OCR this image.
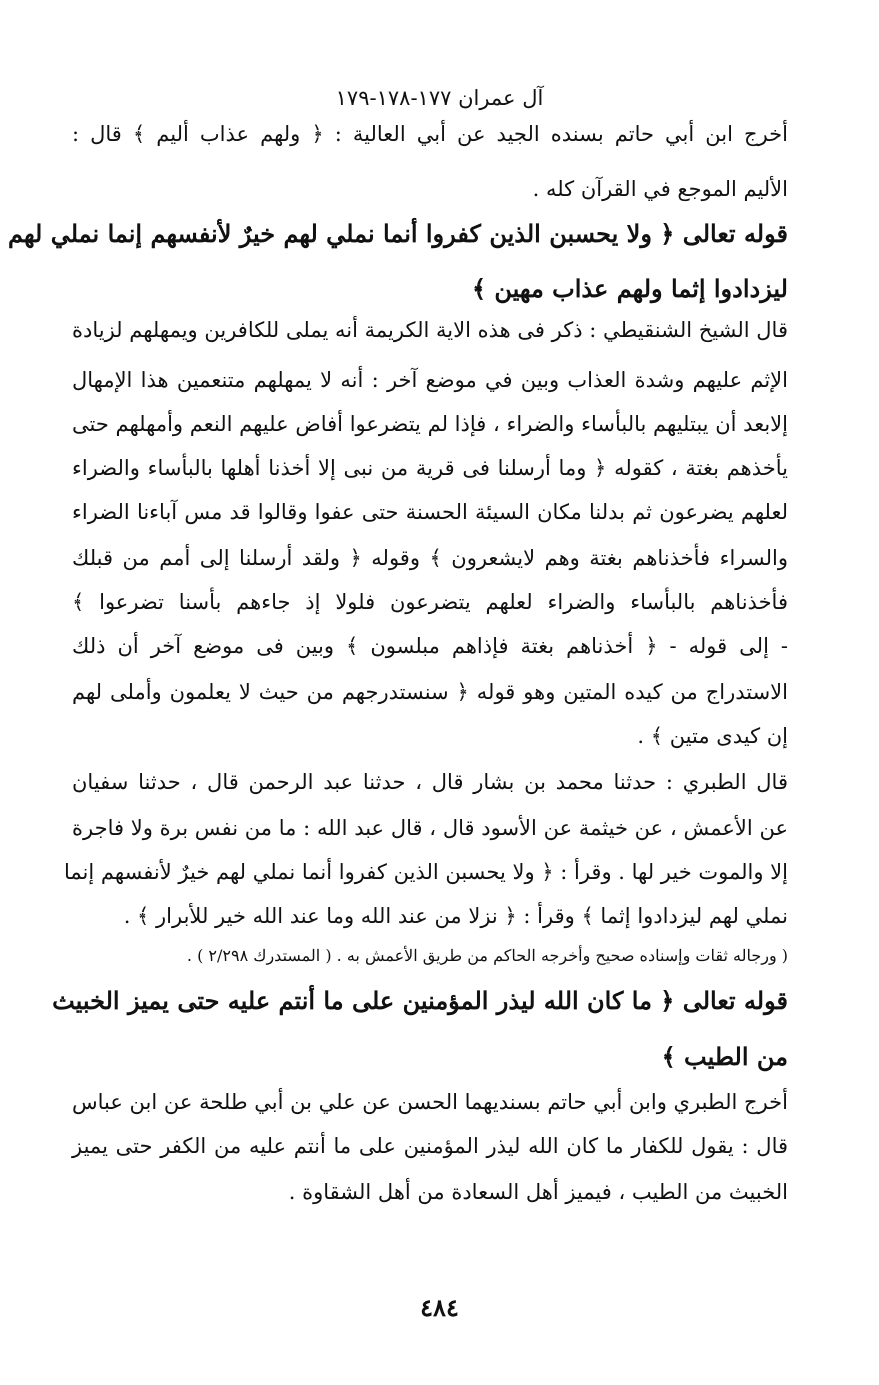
آل عمران ١٧٧-١٧٨-١٧٩
أخرج ابن أبي حاتم بسنده الجيد عن أبي العالية : ﴿ ولهم عذاب أليم ﴾ قال :
الأليم الموجع في القرآن كله .
قوله تعالى ﴿ ولا يحسبن الذين كفروا أنما نملي لهم خيرٌ لأنفسهم إنما نملي لهم
ليزدادوا إثما ولهم عذاب مهين ﴾
قال الشيخ الشنقيطي : ذكر فى هذه الاية الكريمة أنه يملى للكافرين ويمهلهم لزيادة
الإثم عليهم وشدة العذاب وبين في موضع آخر : أنه لا يمهلهم متنعمين هذا الإمهال
إلابعد أن يبتليهم بالبأساء والضراء ، فإذا لم يتضرعوا أفاض عليهم النعم وأمهلهم حتى
يأخذهم بغتة ، كقوله ﴿ وما أرسلنا فى قرية من نبى إلا أخذنا أهلها بالبأساء والضراء
لعلهم يضرعون ثم بدلنا مكان السيئة الحسنة حتى عفوا وقالوا قد مس آباءنا الضراء
والسراء فأخذناهم بغتة وهم لايشعرون ﴾ وقوله ﴿ ولقد أرسلنا إلى أمم من قبلك
فأخذناهم بالبأساء والضراء لعلهم يتضرعون فلولا إذ جاءهم بأسنا تضرعوا ﴾
- إلى قوله - ﴿ أخذناهم بغتة فإذاهم مبلسون ﴾ وبين فى موضع آخر أن ذلك
الاستدراج من كيده المتين وهو قوله ﴿ سنستدرجهم من حيث لا يعلمون وأملى لهم
إن كيدى متين ﴾ .
قال الطبري : حدثنا محمد بن بشار قال ، حدثنا عبد الرحمن قال ، حدثنا سفيان
عن الأعمش ، عن خيثمة عن الأسود قال ، قال عبد الله : ما من نفس برة ولا فاجرة
إلا والموت خير لها . وقرأ : ﴿ ولا يحسبن الذين كفروا أنما نملي لهم خيرٌ لأنفسهم إنما
نملي لهم ليزدادوا إثما ﴾ وقرأ : ﴿ نزلا من عند الله وما عند الله خير للأبرار ﴾ .
( ورجاله ثقات وإسناده صحيح وأخرجه الحاكم من طريق الأعمش به . ( المستدرك ٢/٢٩٨ ) .
قوله تعالى ﴿ ما كان الله ليذر المؤمنين على ما أنتم عليه حتى يميز الخبيث
من الطيب ﴾
أخرج الطبري وابن أبي حاتم بسنديهما الحسن عن علي بن أبي طلحة عن ابن عباس
قال : يقول للكفار ما كان الله ليذر المؤمنين على ما أنتم عليه من الكفر حتى يميز
الخبيث من الطيب ، فيميز أهل السعادة من أهل الشقاوة .
٤٨٤
